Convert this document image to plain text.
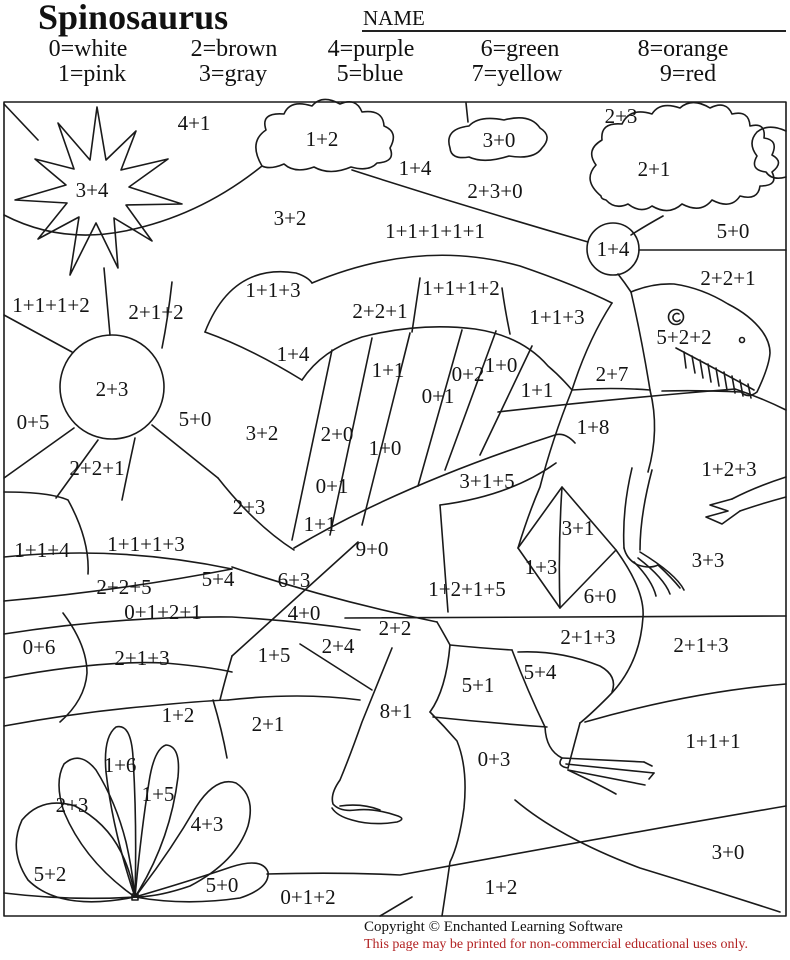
Spinosaurus	NAME
0=white	2=brown 4=purple	6=green	8=orange
1=pink	3=gray	5=blue	7=yellow	9=red
4+1
1+2	3+0
2+3
2+1
3+4
3+2
1+4
2+3+0
1+1+1+1+1	5+0
1+4
2+2+1
1+1+1+2 2+1+2
1+1+3
2+2+1
1+1+1+2
1+1+3
5+2+2
2+7
1+8
1+2+3
2+3
0+5	5+0
3+2
2+2+1
1+4
1+1 0+2 1+0
1+1
0+1
2+0
1+0
0+1
1+1
3+1+5
2+3
9+0	3+3
3+1
1+3
6+0
1+2+1+5
1+1+4 1+1+1+3
2+2+5 5+4 6+3
0+1+2+1	4+0
0+6	2+1+3	1+5 2+4
2+2	2+1+3	2+1+3
5+4
5+1
8+1
1+2	2+1
1+6
1+5
2+3
4+3
5+2	5+0 0+1+2
0+3
1+1+1
3+0
1+2
Copyright © Enchanted Learning Software
This page may be printed for non-commercial educational uses only.
